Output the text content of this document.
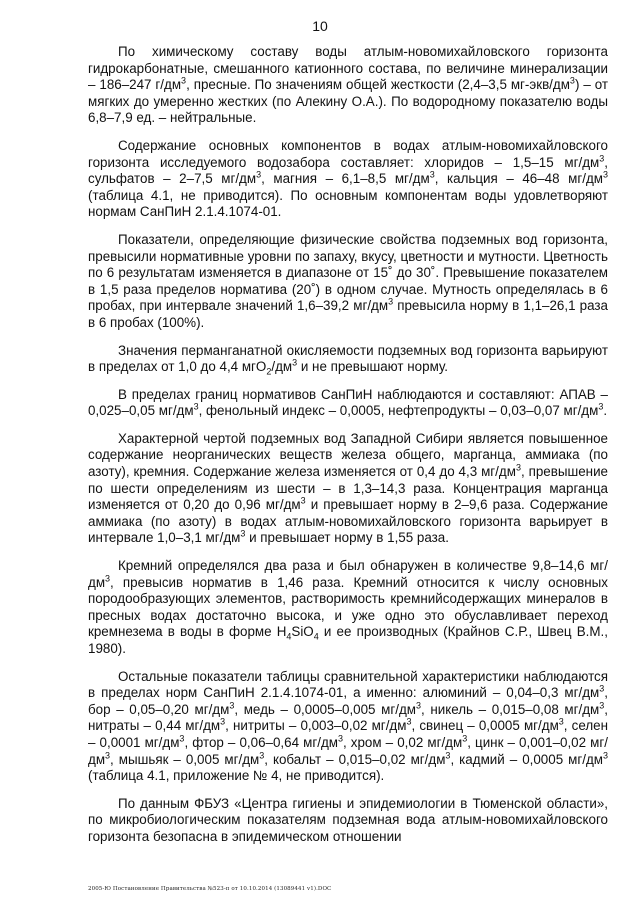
10

По химическому составу воды атлым-новомихайловского горизонта гидрокарбонатные, смешанного катионного состава, по величине минерализации – 186–247 $г/дм^3$, пресные. По значениям общей жесткости (2,4–3,5 $мг-экв/дм^3$) – от мягких до умеренно жестких (по Алекину О.А.). По водородному показателю воды 6,8–7,9 ед. – нейтральные.

Содержание основных компонентов в водах атлым-новомихайловского горизонта исследуемого водозабора составляет: хлоридов – 1,5–15 $мг/дм^3$, сульфатов – 2–7,5 $мг/дм^3$, магния – 6,1–8,5 $мг/дм^3$, кальция – 46–48 $мг/дм^3$ (таблица 4.1, не приводится). По основным компонентам воды удовлетворяют нормам СанПиН 2.1.4.1074-01.

Показатели, определяющие физические свойства подземных вод горизонта, превысили нормативные уровни по запаху, вкусу, цветности и мутности. Цветность по 6 результатам изменяется в диапазоне от 15˚ до 30˚. Превышение показателем в 1,5 раза пределов норматива (20˚) в одном случае. Мутность определялась в 6 пробах, при интервале значений 1,6–39,2 $мг/дм^3$ превысила норму в 1,1–26,1 раза в 6 пробах (100%).

Значения перманганатной окисляемости подземных вод горизонта варьируют в пределах от 1,0 до 4,4 $мгO_2/дм^3$ и не превышают норму.

В пределах границ нормативов СанПиН наблюдаются и составляют: АПАВ – 0,025–0,05 $мг/дм^3$, фенольный индекс – 0,0005, нефтепродукты – 0,03–0,07 $мг/дм^3$.

Характерной чертой подземных вод Западной Сибири является повышенное содержание неорганических веществ железа общего, марганца, аммиака (по азоту), кремния. Содержание железа изменяется от 0,4 до 4,3 $мг/дм^3$, превышение по шести определениям из шести – в 1,3–14,3 раза. Концентрация марганца изменяется от 0,20 до 0,96 $мг/дм^3$ и превышает норму в 2–9,6 раза. Содержание аммиака (по азоту) в водах атлым-новомихайловского горизонта варьирует в интервале 1,0–3,1 $мг/дм^3$ и превышает норму в 1,55 раза.

Кремний определялся два раза и был обнаружен в количестве 9,8–14,6 $мг/дм^3$, превысив норматив в 1,46 раза. Кремний относится к числу основных породообразующих элементов, растворимость кремнийсодержащих минералов в пресных водах достаточно высока, и уже одно это обуславливает переход кремнезема в воды в форме $H_4SiO_4$ и ее производных (Крайнов С.Р., Швец В.М., 1980).

Остальные показатели таблицы сравнительной характеристики наблюдаются в пределах норм СанПиН 2.1.4.1074-01, а именно: алюминий – 0,04–0,3 $мг/дм^3$, бор – 0,05–0,20 $мг/дм^3$, медь – 0,0005–0,005 $мг/дм^3$, никель – 0,015–0,08 $мг/дм^3$, нитраты – 0,44 $мг/дм^3$, нитриты – 0,003–0,02 $мг/дм^3$, свинец – 0,0005 $мг/дм^3$, селен – 0,0001 $мг/дм^3$, фтор – 0,06–0,64 $мг/дм^3$, хром – 0,02 $мг/дм^3$, цинк – 0,001–0,02 $мг/дм^3$, мышьяк – 0,005 $мг/дм^3$, кобальт – 0,015–0,02 $мг/дм^3$, кадмий – 0,0005 $мг/дм^3$ (таблица 4.1, приложение № 4, не приводится).

По данным ФБУЗ «Центра гигиены и эпидемиологии в Тюменской области», по микробиологическим показателям подземная вода атлым-новомихайловского горизонта безопасна в эпидемическом отношении

2005-Ю Постановление Правительства №523-п от 10.10.2014 (13089441 v1).DOC
